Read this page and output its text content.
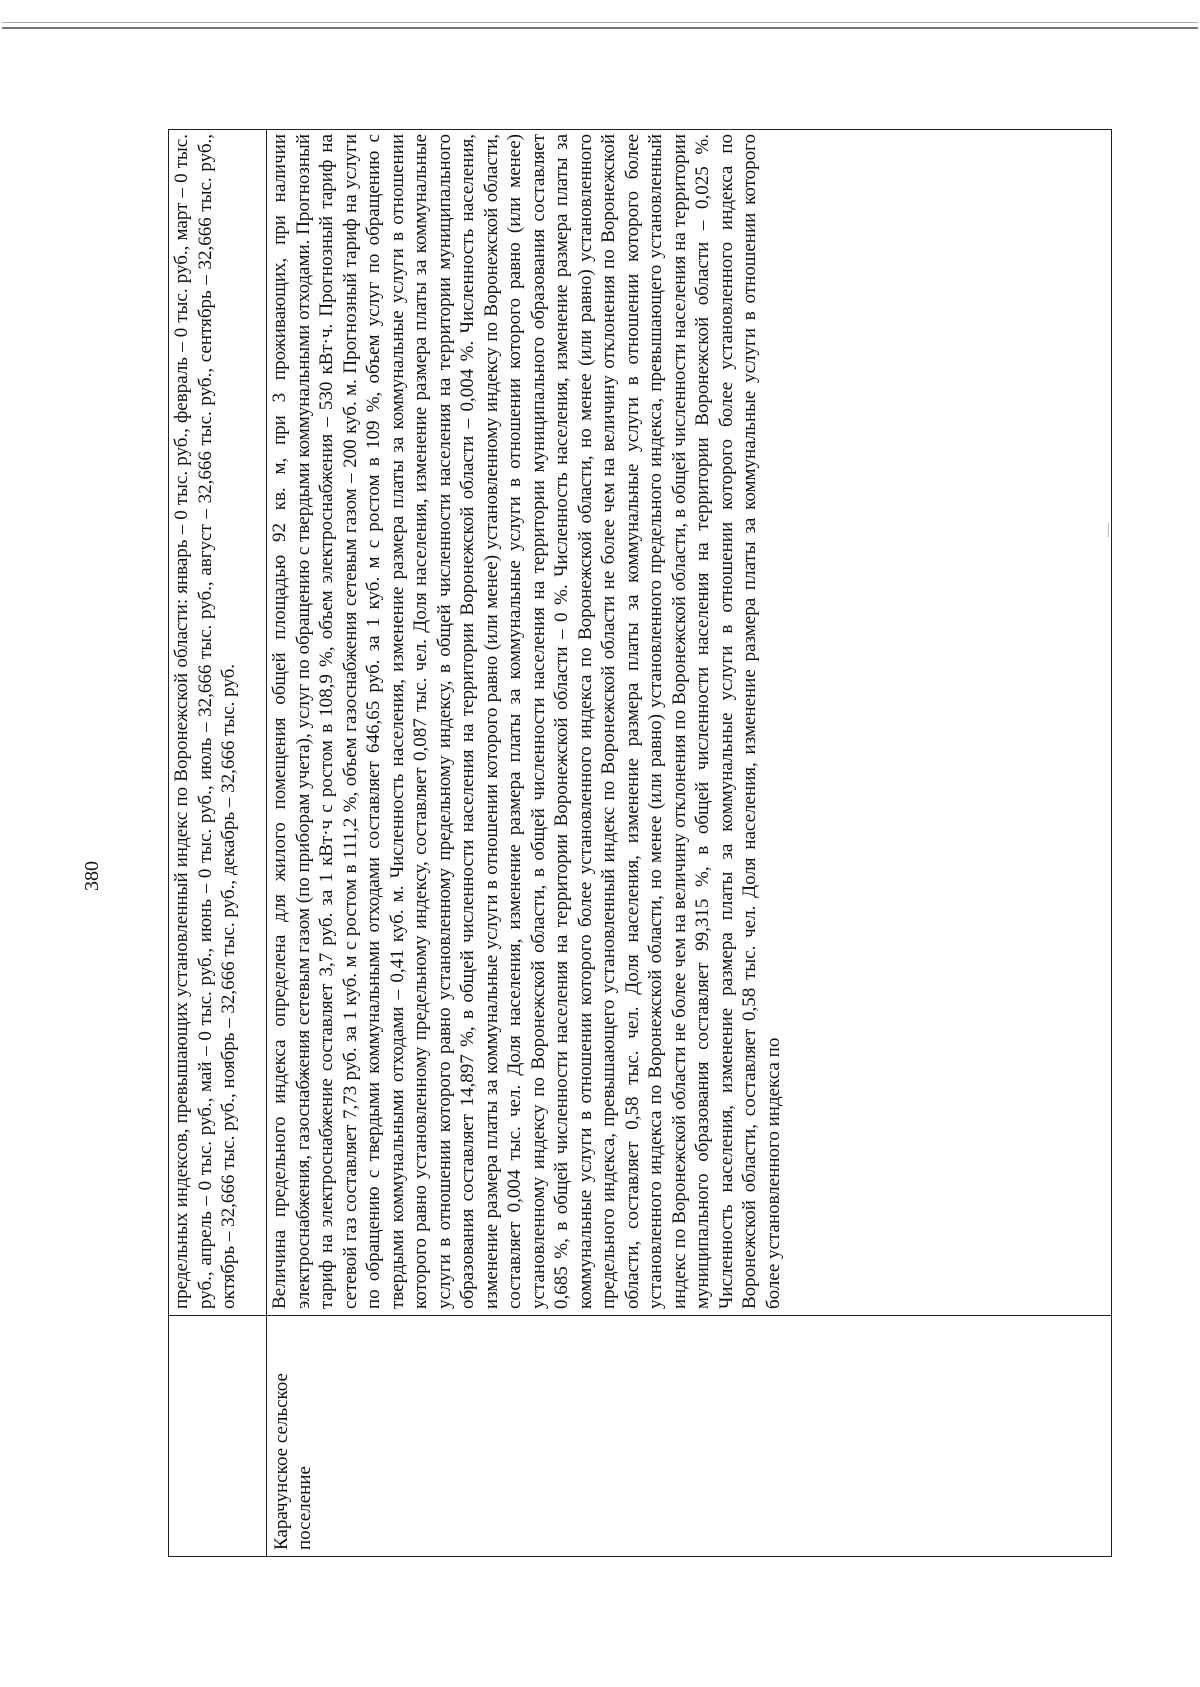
380
Карачунское сельское поселение
предельных индексов, превышающих установленный индекс по Воронежской области: январь – 0 тыс. руб., февраль – 0 тыс. руб., март – 0 тыс. руб., апрель – 0 тыс. руб., май – 0 тыс. руб., июнь – 0 тыс. руб., июль – 32,666 тыс. руб., август – 32,666 тыс. руб., сентябрь – 32,666 тыс. руб., октябрь – 32,666 тыс. руб., ноябрь – 32,666 тыс. руб., декабрь – 32,666 тыс. руб. Величина предельного индекса определена для жилого помещения общей площадью 92 кв. м, при 3 проживающих, при наличии электроснабжения, газоснабжения сетевым газом (по приборам учета), услуг по обращению с твердыми коммунальными отходами. Прогнозный тариф на электроснабжение составляет 3,7 руб. за 1 кВт·ч с ростом в 108,9 %, объем электроснабжения – 530 кВт·ч. Прогнозный тариф на сетевой газ составляет 7,73 руб. за 1 куб. м с ростом в 111,2 %, объем газоснабжения сетевым газом – 200 куб. м. Прогнозный тариф на услуги по обращению с твердыми коммунальными отходами составляет 646,65 руб. за 1 куб. м с ростом в 109 %, объем услуг по обращению с твердыми коммунальными отходами – 0,41 куб. м. Численность населения, изменение размера платы за коммунальные услуги в отношении которого равно установленному предельному индексу, составляет 0,087 тыс. чел. Доля населения, изменение размера платы за коммунальные услуги в отношении которого равно установленному предельному индексу, в общей численности населения на территории муниципального образования составляет 14,897 %, в общей численности населения на территории Воронежской области – 0,004 %. Численность населения, изменение размера платы за коммунальные услуги в отношении которого равно (или менее) установленному индексу по Воронежской области, составляет 0,004 тыс. чел. Доля населения, изменение размера платы за коммунальные услуги в отношении которого равно (или менее) установленному индексу по Воронежской области, в общей численности населения на территории муниципального образования составляет 0,685 %, в общей численности населения на территории Воронежской области – 0 %. Численность населения, изменение размера платы за коммунальные услуги в отношении которого более установленного индекса по Воронежской области, но менее (или равно) установленного предельного индекса, превышающего установленный индекс по Воронежской области не более чем на величину отклонения по Воронежской области, составляет 0,58 тыс. чел. Доля населения, изменение размера платы за коммунальные услуги в отношении которого более установленного индекса по Воронежской области, но менее (или равно) установленного предельного индекса, превышающего установленный индекс по Воронежской области не более чем на величину отклонения по Воронежской области, в общей численности населения на территории муниципального образования составляет 99,315 %, в общей численности населения на территории Воронежской области – 0,025 %. Численность населения, изменение размера платы за коммунальные услуги в отношении которого более установленного индекса по Воронежской области, составляет 0,58 тыс. чел. Доля населения, изменение размера платы за коммунальные услуги в отношении которого более установленного индекса по
